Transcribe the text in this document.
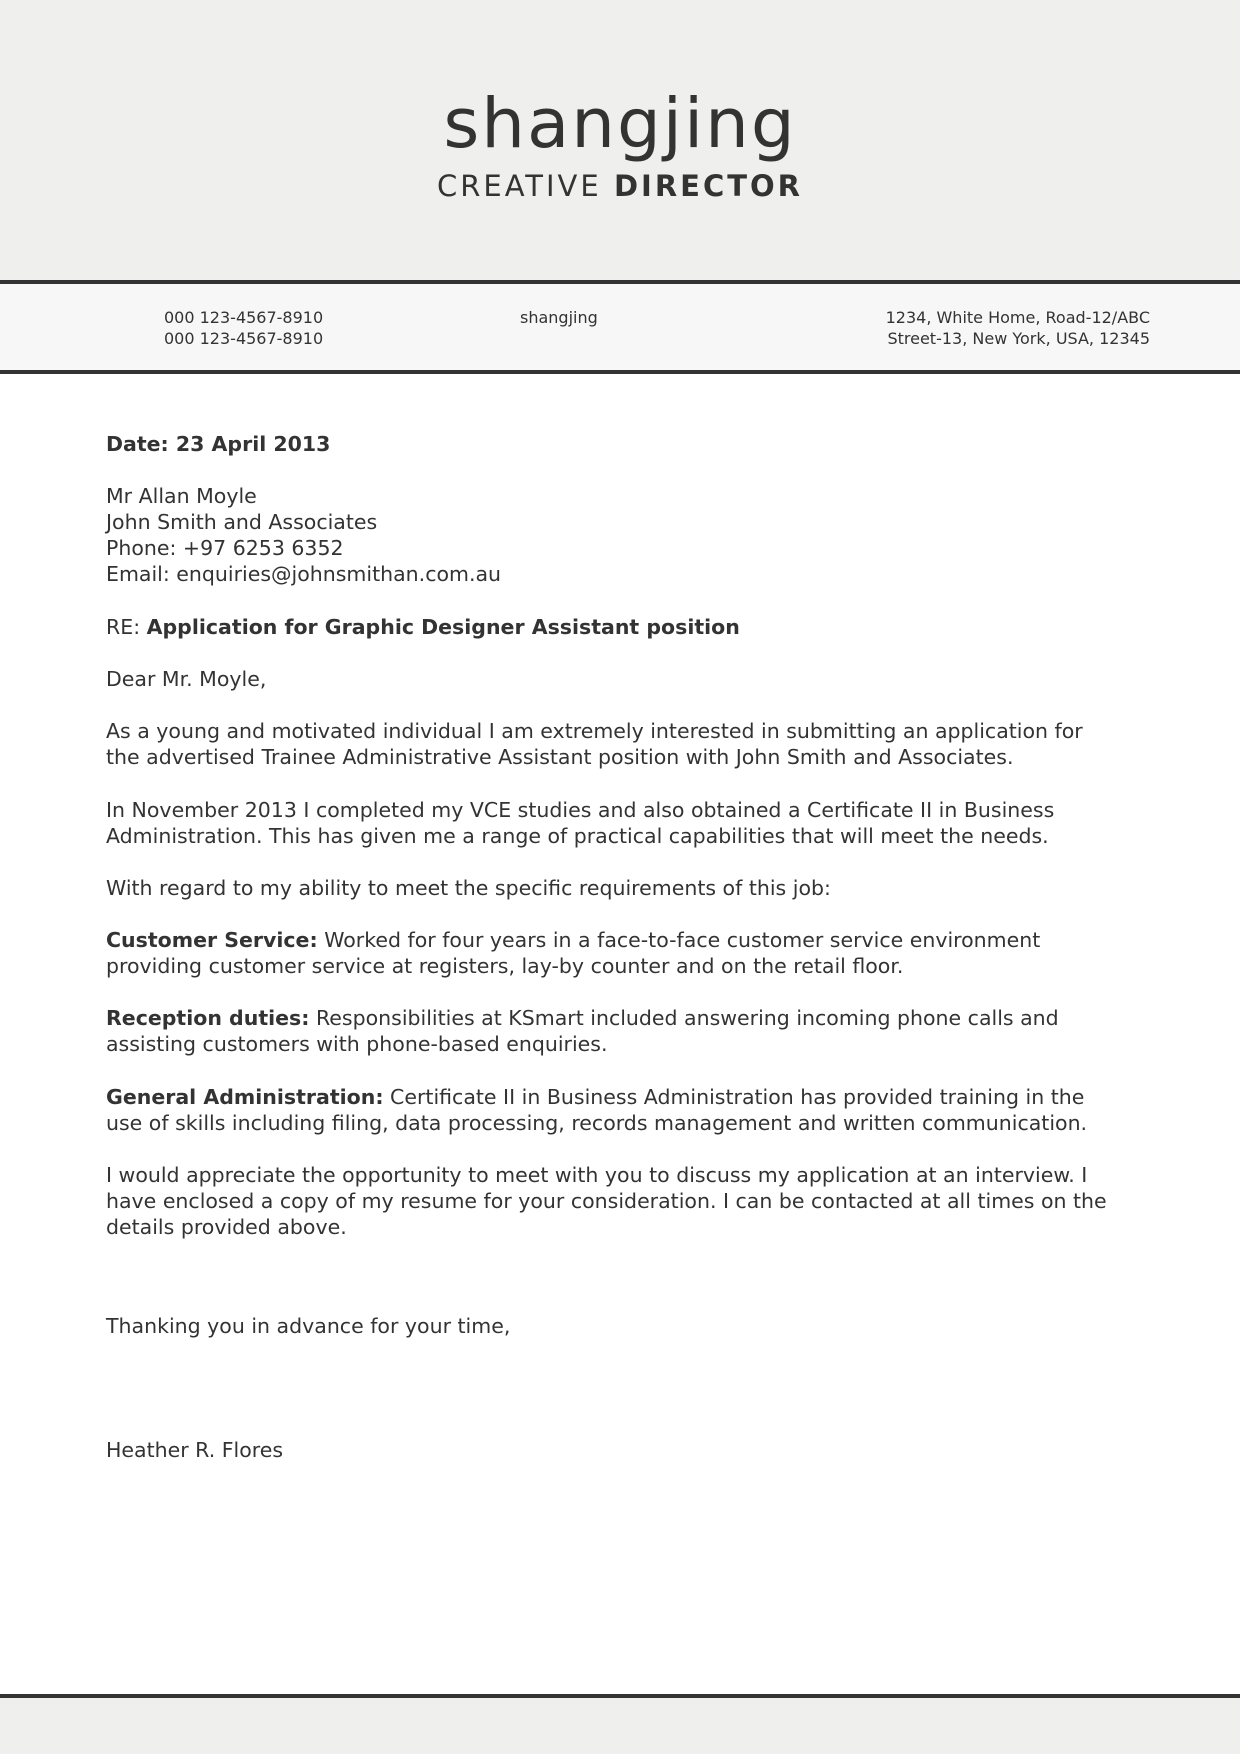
shangjing
CREATIVE DIRECTOR
000 123-4567-8910
000 123-4567-8910
shangjing	1234, White Home, Road-12/ABC
Street-13, New York, USA, 12345
Date: 23 April 2013
Mr Allan Moyle
John Smith and Associates
Phone: +97 6253 6352
Email: enquiries@johnsmithan.com.au
RE: Application for Graphic Designer Assistant position
Dear Mr. Moyle,
As a young and motivated individual I am extremely interested in submitting an application for
the advertised Trainee Administrative Assistant position with John Smith and Associates.
In November 2013 I completed my VCE studies and also obtained a Certificate II in Business
Administration. This has given me a range of practical capabilities that will meet the needs.
With regard to my ability to meet the specific requirements of this job:
Customer Service: Worked for four years in a face-to-face customer service environment
providing customer service at registers, lay-by counter and on the retail floor.
Reception duties: Responsibilities at KSmart included answering incoming phone calls and
assisting customers with phone-based enquiries.
General Administration: Certificate II in Business Administration has provided training in the
use of skills including filing, data processing, records management and written communication.
I would appreciate the opportunity to meet with you to discuss my application at an interview. I
have enclosed a copy of my resume for your consideration. I can be contacted at all times on the
details provided above.
Thanking you in advance for your time,
Heather R. Flores
